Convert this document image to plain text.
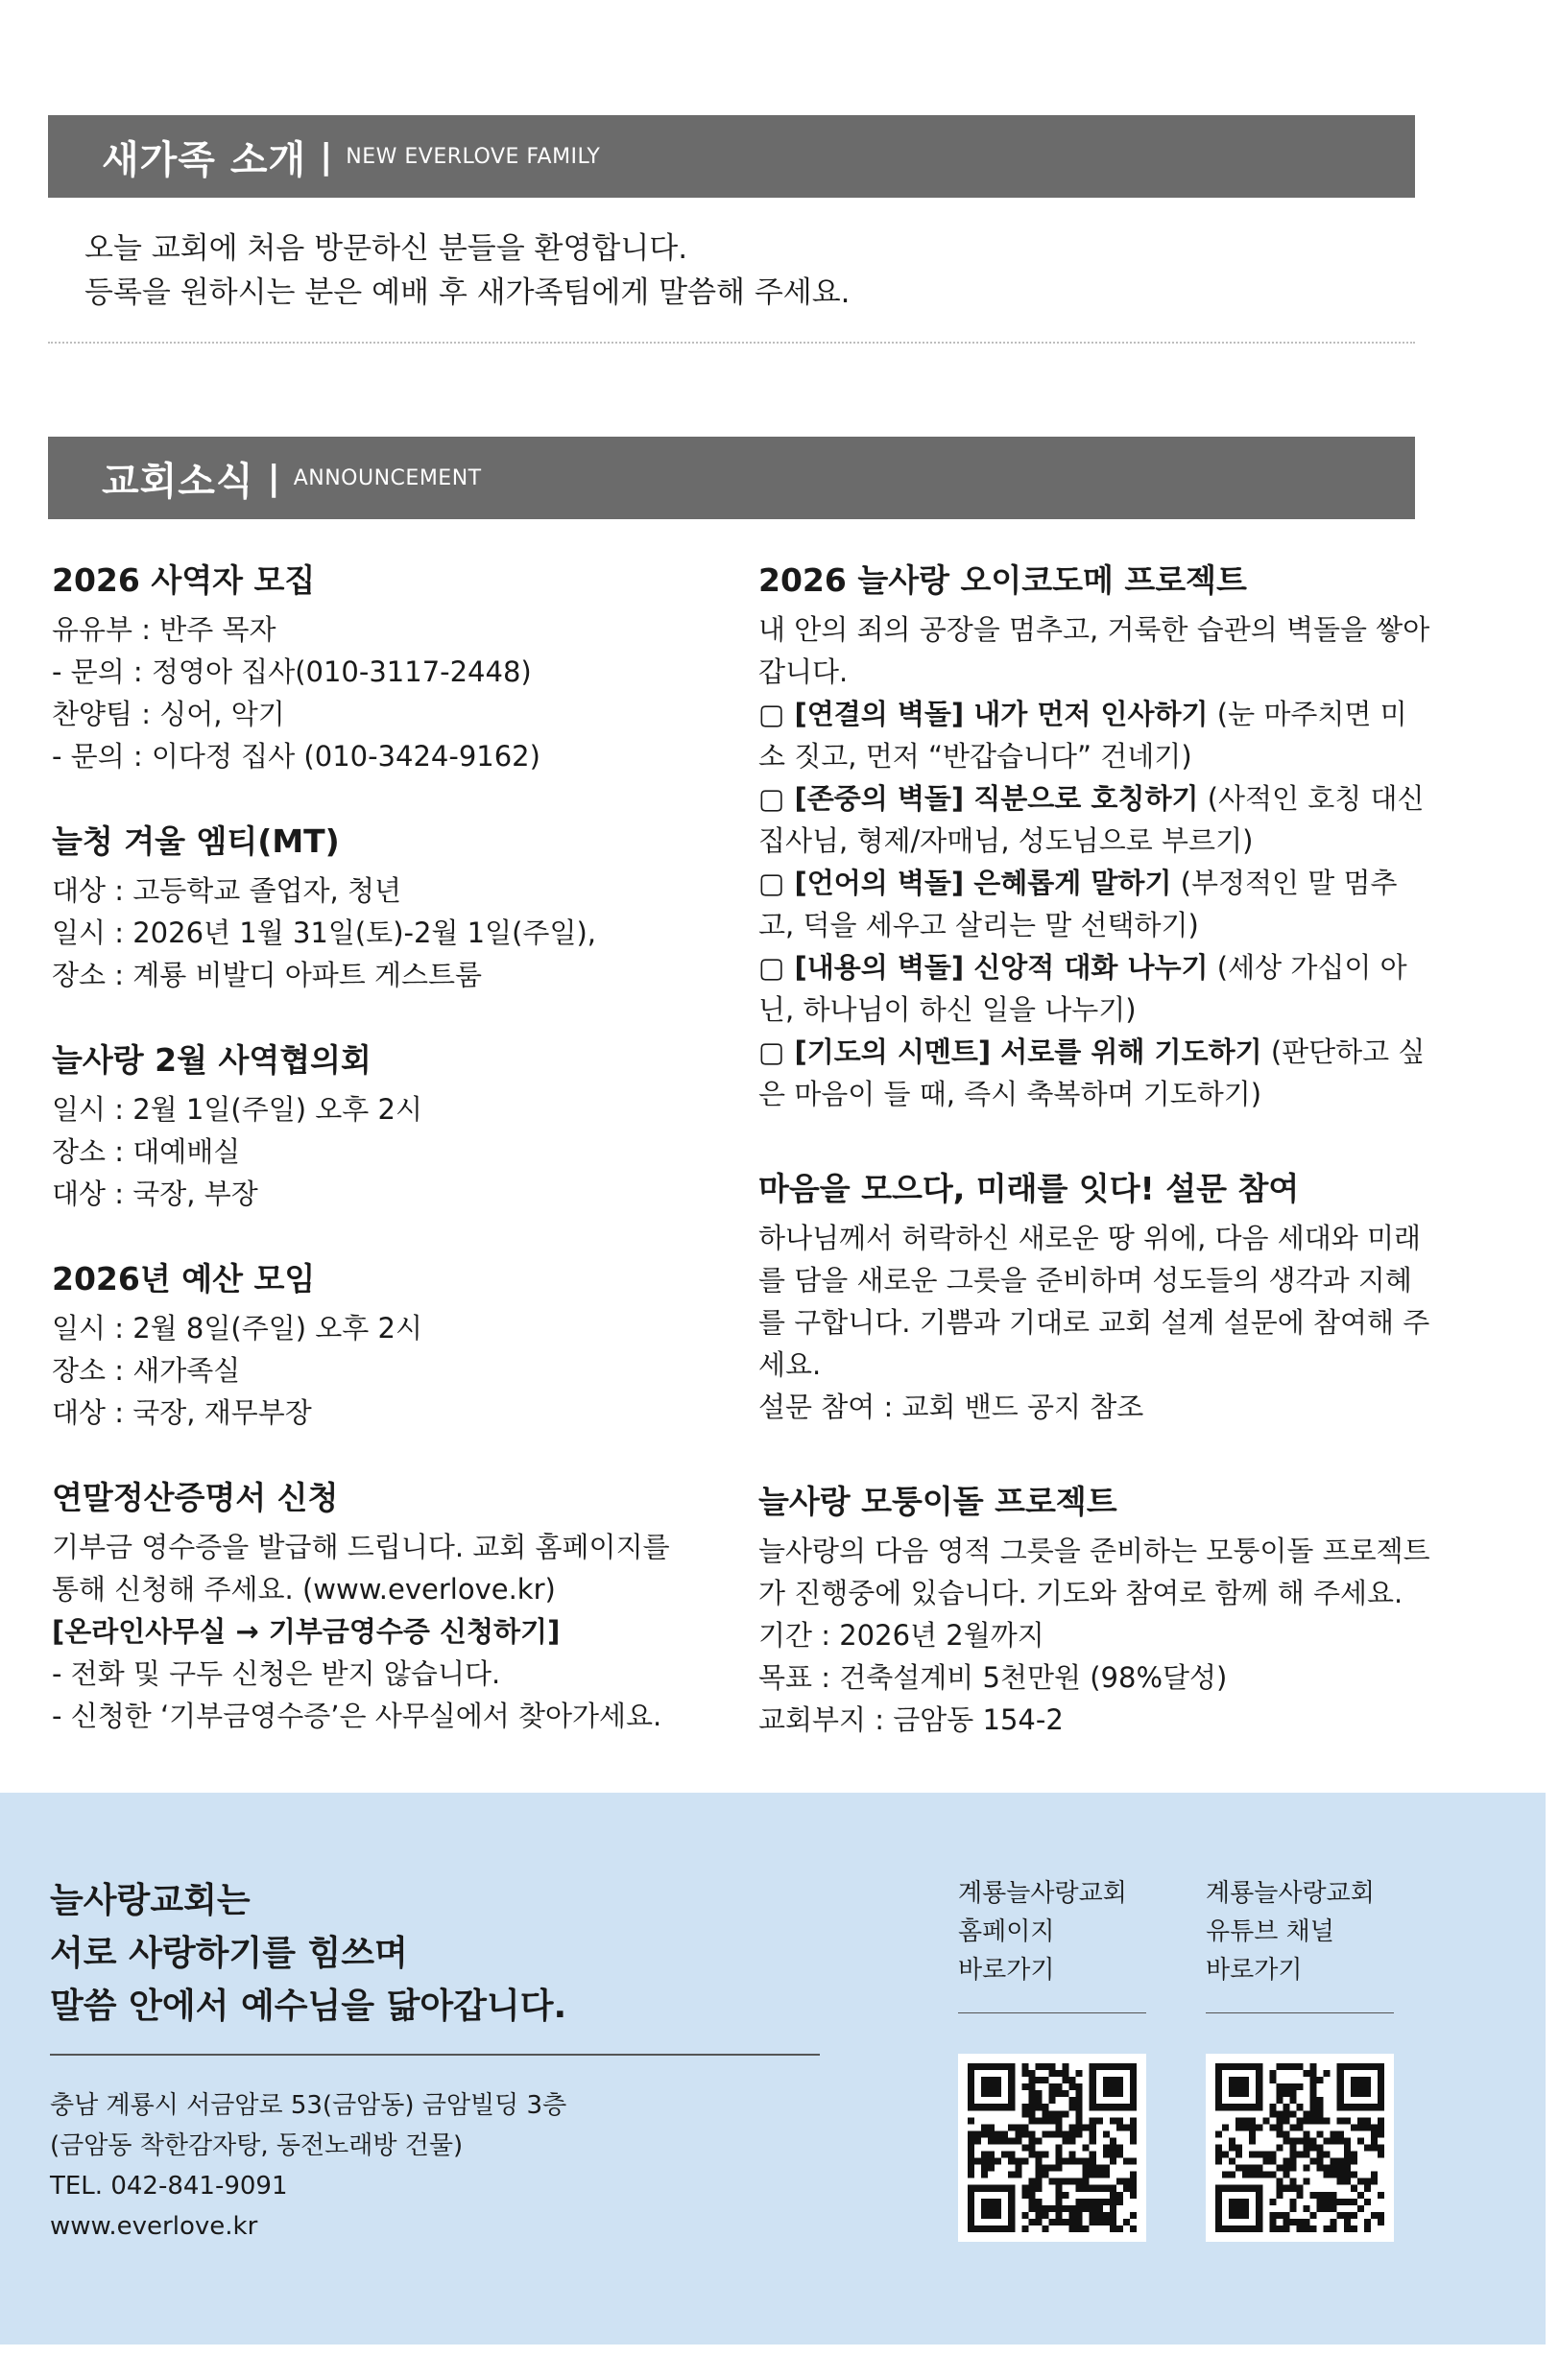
새가족 소개 | NEW EVERLOVE FAMILY
오늘 교회에 처음 방문하신 분들을 환영합니다.
등록을 원하시는 분은 예배 후 새가족팀에게 말씀해 주세요.
교회소식 | ANNOUNCEMENT
2026 사역자 모집

유유부 : 반주 목자

- 문의 : 정영아 집사(010-3117-2448)

찬양팀 : 싱어, 악기

- 문의 : 이다정 집사 (010-3424-9162)

늘청 겨울 엠티(MT)

대상 : 고등학교 졸업자, 청년

일시 : 2026년 1월 31일(토)-2월 1일(주일),

장소 : 계룡 비발디 아파트 게스트룸

늘사랑 2월 사역협의회

일시 : 2월 1일(주일) 오후 2시

장소 : 대예배실

대상 : 국장, 부장

2026년 예산 모임

일시 : 2월 8일(주일) 오후 2시

장소 : 새가족실

대상 : 국장, 재무부장

연말정산증명서 신청

기부금 영수증을 발급해 드립니다. 교회 홈페이지를

통해 신청해 주세요. (www.everlove.kr)

[온라인사무실 → 기부금영수증 신청하기]

- 전화 및 구두 신청은 받지 않습니다.

- 신청한 ‘기부금영수증’은 사무실에서 찾아가세요.

2026 늘사랑 오이코도메 프로젝트

내 안의 죄의 공장을 멈추고, 거룩한 습관의 벽돌을 쌓아갑니다.

▢ [연결의 벽돌] 내가 먼저 인사하기 (눈 마주치면 미소 짓고, 먼저 “반갑습니다” 건네기)

▢ [존중의 벽돌] 직분으로 호칭하기 (사적인 호칭 대신 집사님, 형제/자매님, 성도님으로 부르기)

▢ [언어의 벽돌] 은혜롭게 말하기 (부정적인 말 멈추고, 덕을 세우고 살리는 말 선택하기)

▢ [내용의 벽돌] 신앙적 대화 나누기 (세상 가십이 아닌, 하나님이 하신 일을 나누기)

▢ [기도의 시멘트] 서로를 위해 기도하기 (판단하고 싶은 마음이 들 때, 즉시 축복하며 기도하기)

마음을 모으다, 미래를 잇다! 설문 참여

하나님께서 허락하신 새로운 땅 위에, 다음 세대와 미래를 담을 새로운 그릇을 준비하며 성도들의 생각과 지혜를 구합니다. 기쁨과 기대로 교회 설계 설문에 참여해 주세요.

설문 참여 : 교회 밴드 공지 참조

늘사랑 모퉁이돌 프로젝트

늘사랑의 다음 영적 그릇을 준비하는 모퉁이돌 프로젝트가 진행중에 있습니다. 기도와 참여로 함께 해 주세요.

기간 : 2026년 2월까지

목표 : 건축설계비 5천만원 (98%달성)

교회부지 : 금암동 154-2

늘사랑교회는
서로 사랑하기를 힘쓰며
말씀 안에서 예수님을 닮아갑니다.
충남 계룡시 서금암로 53(금암동) 금암빌딩 3층
(금암동 착한감자탕, 동전노래방 건물)
TEL. 042-841-9091
www.everlove.kr
계룡늘사랑교회
홈페이지
바로가기
계룡늘사랑교회
유튜브 채널
바로가기
